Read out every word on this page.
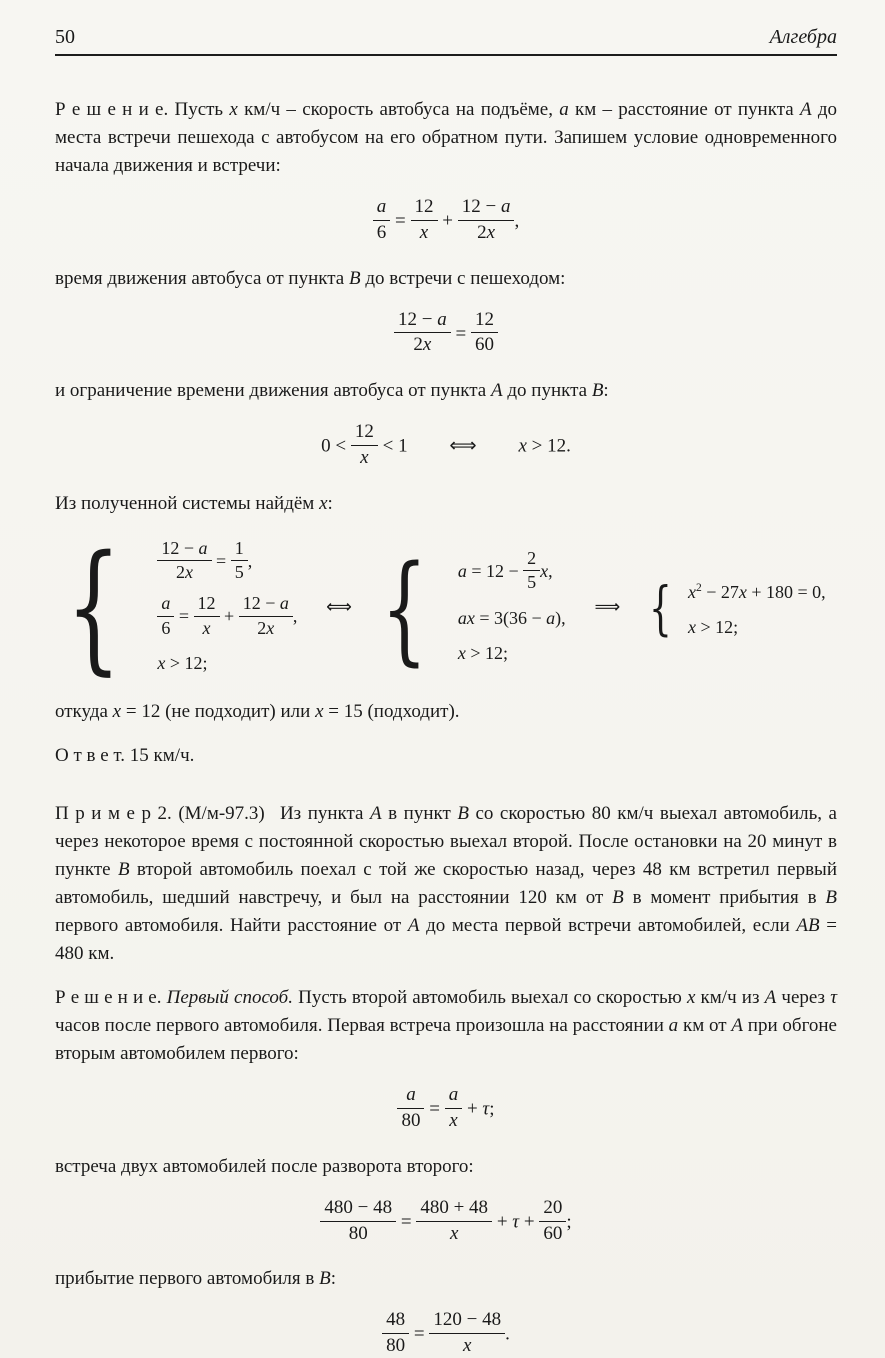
50	Алгебра

Р е ш е н и е. Пусть x км/ч – скорость автобуса на подъёме, a км – расстояние от пункта A до места встречи пешехода с автобусом на его обратном пути. Запишем условие одновременного начала движения и встречи:

$\frac{a}{6} = \frac{12}{x} + \frac{12 - a}{2x}$ ,

время движения автобуса от пункта B до встречи с пешеходом:

$\frac{12 - a}{2x} = \frac{12}{60}$

и ограничение времени движения автобуса от пункта A до пункта B:

$0 < \frac{12}{x} < 1$ ⟺ x > 12.

Из полученной системы найдём x:

{ $\frac{12 - a}{2x} = \frac{1}{5}$ ,
$\frac{a}{6} = \frac{12}{x} + \frac{12 - a}{2x}$ ,
x > 12;
⟺ { $a = 12 - \frac{2}{5} x$,
ax = 3(36 − a),
x > 12;
⟹ { $x^2 - 27x + 180 = 0$,
x > 12;

откуда x = 12 (не подходит) или x = 15 (подходит).

О т в е т. 15 км/ч.

П р и м е р 2. (М/м-97.3) Из пункта A в пункт B со скоростью 80 км/ч выехал автомобиль, а через некоторое время с постоянной скоростью выехал второй. После остановки на 20 минут в пункте B второй автомобиль поехал с той же скоростью назад, через 48 км встретил первый автомобиль, шедший навстречу, и был на расстоянии 120 км от B в момент прибытия в B первого автомобиля. Найти расстояние от A до места первой встречи автомобилей, если AB = 480 км.

Р е ш е н и е. Первый способ. Пусть второй автомобиль выехал со скоростью x км/ч из A через τ часов после первого автомобиля. Первая встреча произошла на расстоянии a км от A при обгоне вторым автомобилем первого:

$\frac{a}{80} = \frac{a}{x} + \tau$;

встреча двух автомобилей после разворота второго:

$\frac{480 - 48}{80} = \frac{480 + 48}{x} + \tau + \frac{20}{60}$ ;

прибытие первого автомобиля в B:

$\frac{48}{80} = \frac{120 - 48}{x}$ .
